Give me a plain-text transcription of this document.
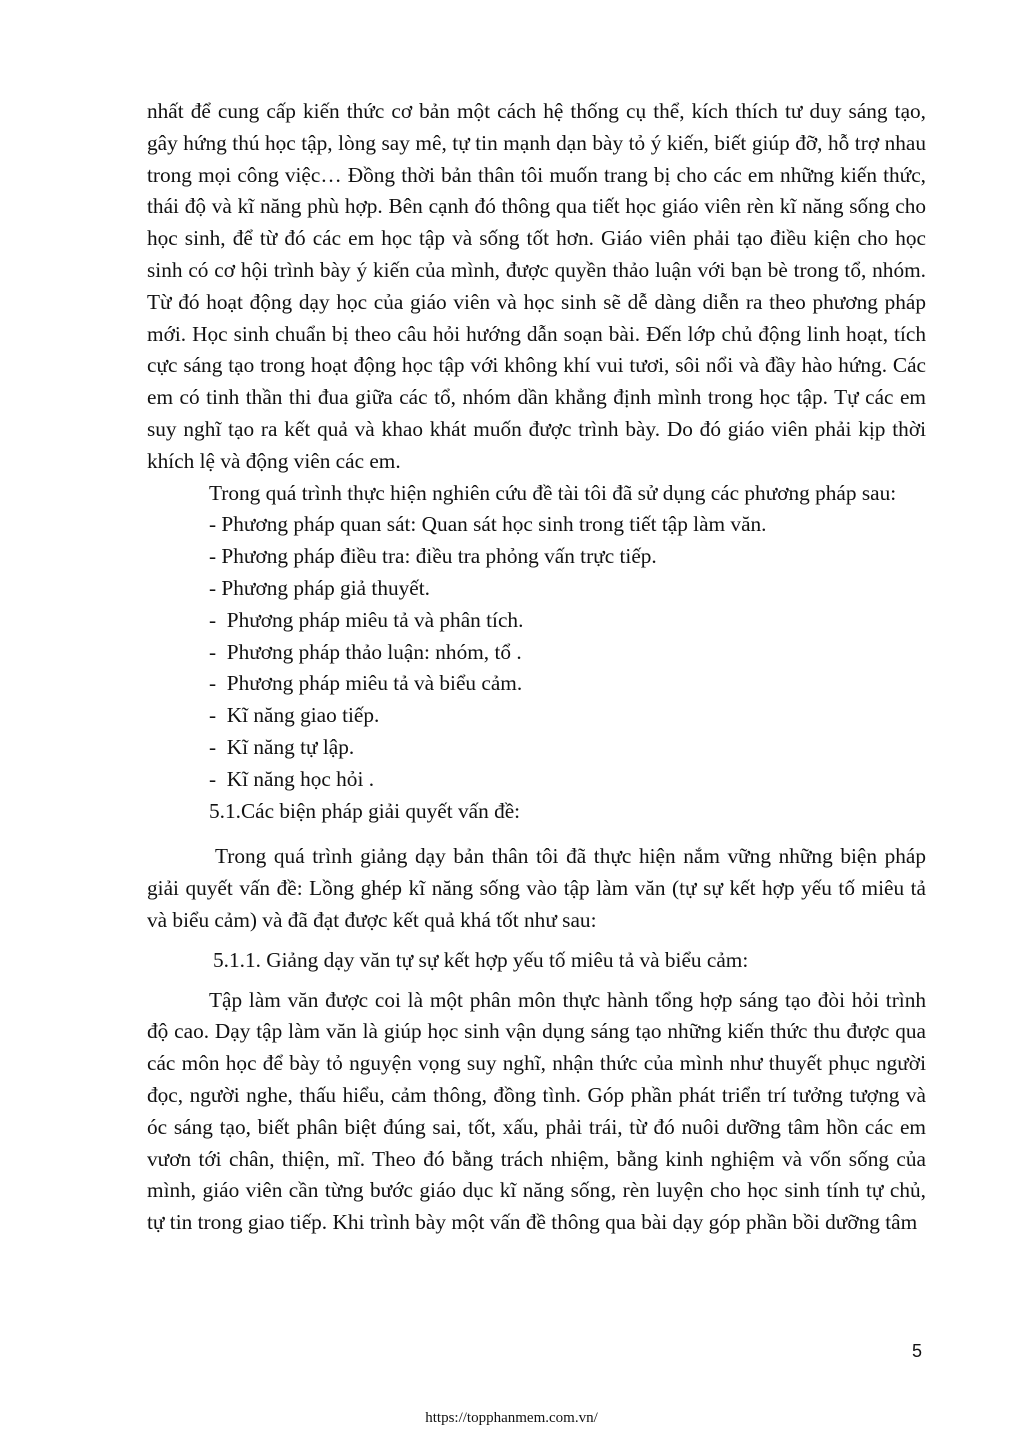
nhất để cung cấp kiến thức cơ bản một cách hệ thống cụ thể, kích thích tư duy sáng tạo, gây hứng thú học tập, lòng say mê, tự tin mạnh dạn bày tỏ ý kiến, biết giúp đỡ, hỗ trợ nhau trong mọi công việc… Đồng thời bản thân tôi muốn trang bị cho các em những kiến thức, thái độ và kĩ năng phù hợp. Bên cạnh đó thông qua tiết học giáo viên rèn kĩ năng sống cho học sinh, để từ đó các em học tập và sống tốt hơn. Giáo viên phải tạo điều kiện cho học sinh có cơ hội trình bày ý kiến của mình, được quyền thảo luận với bạn bè trong tổ, nhóm. Từ đó hoạt động dạy học của giáo viên và học sinh sẽ dễ dàng diễn ra theo phương pháp mới. Học sinh chuẩn bị theo câu hỏi hướng dẫn soạn bài. Đến lớp chủ động linh hoạt, tích cực sáng tạo trong hoạt động học tập với không khí vui tươi, sôi nổi và đầy hào hứng. Các em có tinh thần thi đua giữa các tổ, nhóm dần khẳng định mình trong học tập. Tự các em suy nghĩ tạo ra kết quả và khao khát muốn được trình bày. Do đó giáo viên phải kịp thời khích lệ và động viên các em.

Trong quá trình thực hiện nghiên cứu đề tài tôi đã sử dụng các phương pháp sau:

- Phương pháp quan sát: Quan sát học sinh trong tiết tập làm văn.

- Phương pháp điều tra: điều tra phỏng vấn trực tiếp.

- Phương pháp giả thuyết.

-  Phương pháp miêu tả và phân tích.

-  Phương pháp thảo luận: nhóm, tổ .

-  Phương pháp miêu tả và biểu cảm.

-  Kĩ năng giao tiếp.

-  Kĩ năng tự lập.

-  Kĩ năng học hỏi .

5.1.Các biện pháp giải quyết vấn đề:

Trong quá trình giảng dạy bản thân tôi đã thực hiện nắm vững những biện pháp giải quyết vấn đề: Lồng ghép kĩ năng sống vào tập làm văn (tự sự kết hợp yếu tố miêu tả và biểu cảm) và đã đạt được kết quả khá tốt như sau:

5.1.1. Giảng dạy văn tự sự kết hợp yếu tố miêu tả và biểu cảm:

Tập làm văn được coi là một phân môn thực hành tổng hợp sáng tạo đòi hỏi trình độ cao. Dạy tập làm văn là giúp học sinh vận dụng sáng tạo những kiến thức thu được qua các môn học để bày tỏ nguyện vọng suy nghĩ, nhận thức của mình như thuyết phục người đọc, người nghe, thấu hiểu, cảm thông, đồng tình. Góp phần phát triển trí tưởng tượng và óc sáng tạo, biết phân biệt đúng sai, tốt, xấu, phải trái, từ đó nuôi dưỡng tâm hồn các em vươn tới chân, thiện, mĩ. Theo đó bằng trách nhiệm, bằng kinh nghiệm và vốn sống của mình, giáo viên cần từng bước giáo dục kĩ năng sống, rèn luyện cho học sinh tính tự chủ, tự tin trong giao tiếp. Khi trình bày một vấn đề thông qua bài dạy góp phần bồi dưỡng tâm

5
https://topphanmem.com.vn/
